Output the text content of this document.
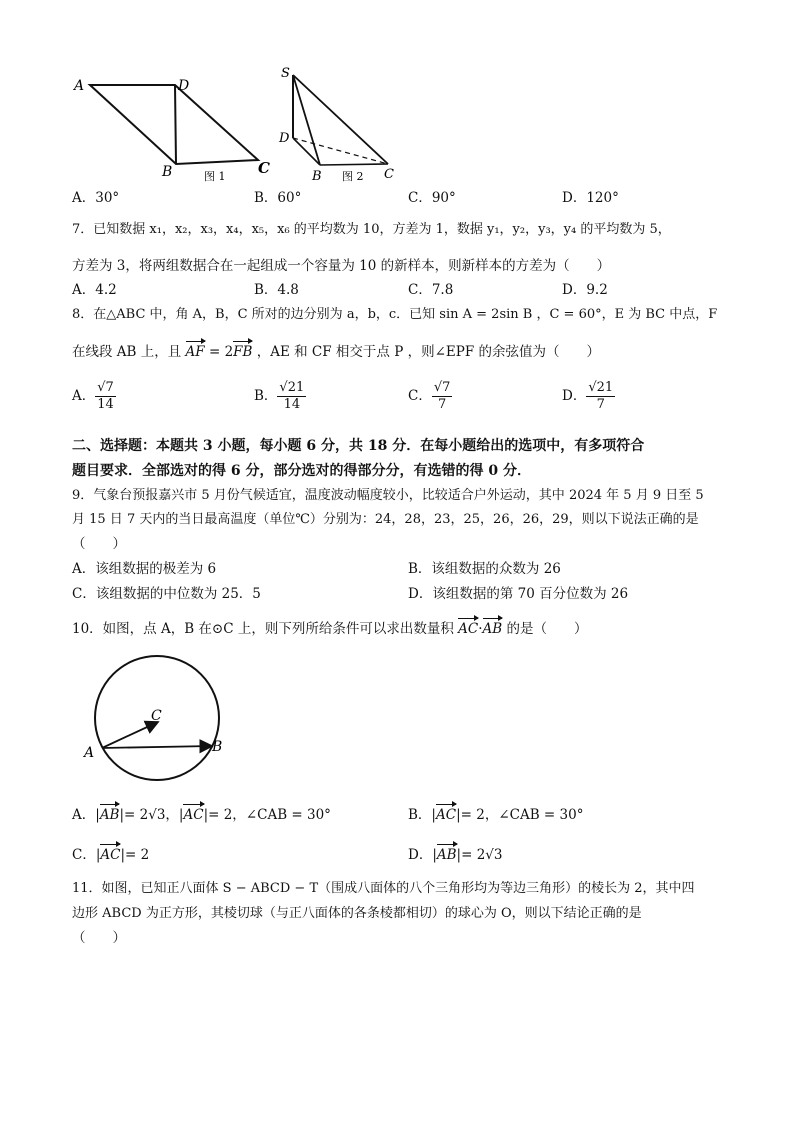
A	D
B	C
图 1
S
D
B	C
图 2
A．30°	B．60°	C．90°	D．120°
7．已知数据 x₁，x₂，x₃，x₄，x₅，x₆ 的平均数为 10，方差为 1，数据 y₁，y₂，y₃，y₄ 的平均数为 5，
方差为 3，将两组数据合在一起组成一个容量为 10 的新样本，则新样本的方差为（　　）
A．4.2	B．4.8	C．7.8	D．9.2
8．在△ABC 中，角 A，B，C 所对的边分别为 a，b，c．已知 sin A = 2sin B ，C = 60°，E 为 BC 中点，F
在线段 AB 上，且 AF = 2FB ，AE 和 CF 相交于点 P ，则∠EPF 的余弦值为（　　）
A． $\frac{√7}{14}$	B． $\frac{√21}{14}$	C． $\frac{√7}{7}$	D． $\frac{√21}{7}$
二、选择题：本题共 3 小题，每小题 6 分，共 18 分．在每小题给出的选项中，有多项符合
题目要求．全部选对的得 6 分，部分选对的得部分分，有选错的得 0 分．
9．气象台预报嘉兴市 5 月份气候适宜，温度波动幅度较小，比较适合户外运动，其中 2024 年 5 月 9 日至 5
月 15 日 7 天内的当日最高温度（单位℃）分别为：24，28，23，25，26，26，29，则以下说法正确的是
（　　）
A．该组数据的极差为 6	B．该组数据的众数为 26
C．该组数据的中位数为 25．5	D．该组数据的第 70 百分位数为 26
10．如图，点 A，B 在⊙C 上，则下列所给条件可以求出数量积 AC·AB 的是（　　）
A	B
C
A．|AB|= 2√3，|AC|= 2，∠CAB = 30°	B．|AC|= 2，∠CAB = 30°
C．|AC|= 2	D．|AB|= 2√3
11．如图，已知正八面体 S − ABCD − T（围成八面体的八个三角形均为等边三角形）的棱长为 2，其中四
边形 ABCD 为正方形，其棱切球（与正八面体的各条棱都相切）的球心为 O，则以下结论正确的是
（　　）
